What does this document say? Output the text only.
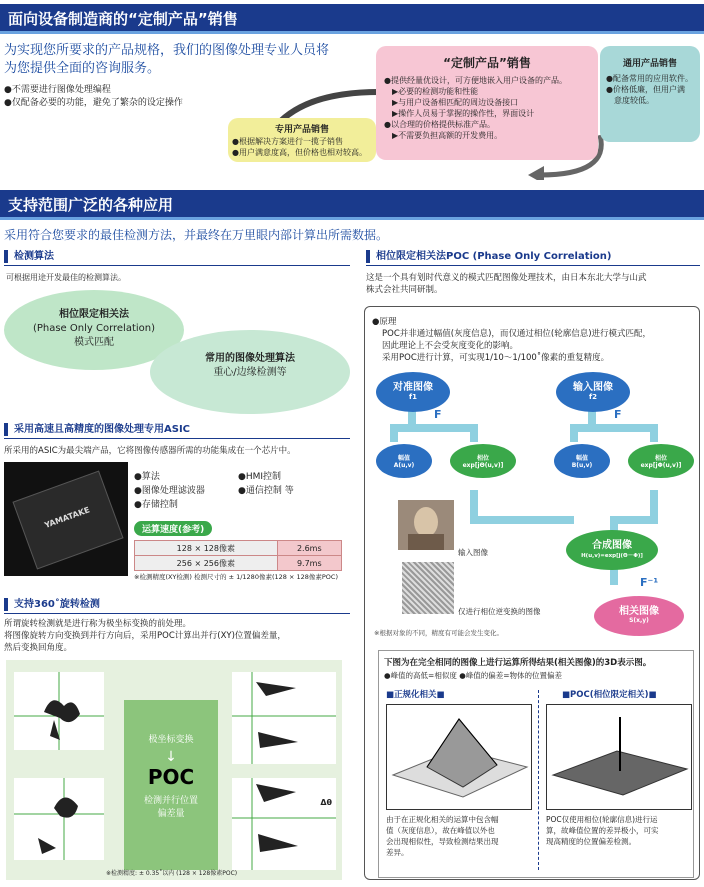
面向设备制造商的“定制产品”销售
为实现您所要求的产品规格，我们的图像处理专业人员将
为您提供全面的咨询服务。
●不需要进行图像处理编程
●仅配备必要的功能，避免了繁杂的设定操作
“定制产品”销售
●提供经量优设计，可方便地嵌入用户设备的产品。
▶必要的检测功能和性能
▶与用户设备相匹配的周边设备接口
▶操作人员易于掌握的操作性，界面设计
●以合理的价格提供标准产品。
▶不需要负担高额的开发费用。
通用产品销售
●配备常用的应用软件。
●价格低廉，但用户满
意度较低。
专用产品销售
●根据解决方案进行一揽子销售
●用户满意度高，但价格也相对较高。
支持范围广泛的各种应用
采用符合您要求的最佳检测方法，并最终在万里眼内部计算出所需数据。
检测算法
可根据用途开发最佳的检测算法。
相位限定相关法
(Phase Only Correlation)
模式匹配
常用的图像处理算法
重心/边缘检测等
采用高速且高精度的图像处理专用ASIC
所采用的ASIC为最尖端产品，它将图像传感器所需的功能集成在一个芯片中。
YAMATAKE
●算法
●图像处理滤波器
●存储控制
●HMI控制
●通信控制 等
运算速度(参考)
128 × 128像素	2.6ms
256 × 256像素	9.7ms
※检测精度(XY检测) 检测尺寸的 ± 1/1280像素(128 × 128像素POC)
支持360˚旋转检测
所谓旋转检测就是进行称为极坐标变换的前处理。
将图像旋转方向变换到并行方向后，采用POC计算出并行(XY)位置偏差量，
然后变换回角度。
极坐标变换
↓
POC
检测并行位置
偏差量
Δθ
※检测精度: ± 0.35˚以内 (128 × 128像素POC)
相位限定相关法POC (Phase Only Correlation)
这是一个具有划时代意义的模式匹配图像处理技术，由日本东北大学与山武
株式会社共同研制。
●原理
POC并非通过幅值(灰度信息)，而仅通过相位(轮廓信息)进行模式匹配，
因此理论上不会受灰度变化的影响。
采用POC进行计算，可实现1/10～1/100˚像素的重复精度。
对准图像
f1
输入图像
f2
F	F
幅值
A(u,v)
相位
exp[jΘ(u,v)]
幅值
B(u,v)
相位
exp[jΦ(u,v)]
输入图像
仅进行相位逆变换的图像
合成图像
H(u,v)=exp[j(Θ－Φ)]
F⁻¹
相关图像
S(x,y)
※根据对象的不同，精度有可能会发生变化。
下图为在完全相同的图像上进行运算所得结果(相关图像)的3D表示图。
●峰值的高低=相似度 ●峰值的偏差=物体的位置偏差
■正规化相关■	■POC(相位限定相关)■
由于在正规化相关的运算中包含幅
值（灰度信息），故在峰值以外也
会出现相似性，导致检测结果出现
差异。
POC仅使用相位(轮廓信息)进行运
算，故峰值位置的差异极小，可实
现高精度的位置偏差检测。
